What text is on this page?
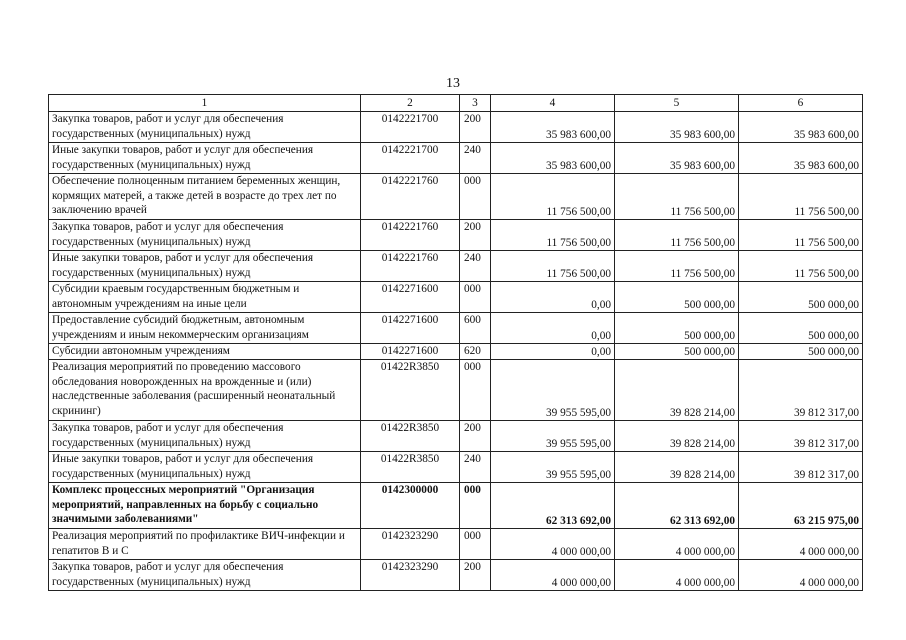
13
1	2	3	4	5	6
Закупка товаров, работ и услуг для обеспечения государственных (муниципальных) нужд	0142221700	200	35 983 600,00	35 983 600,00	35 983 600,00
Иные закупки товаров, работ и услуг для обеспечения государственных (муниципальных) нужд	0142221700	240	35 983 600,00	35 983 600,00	35 983 600,00
Обеспечение полноценным питанием беременных женщин, кормящих матерей, а также детей в возрасте до трех лет по заключению врачей	0142221760	000	11 756 500,00	11 756 500,00	11 756 500,00
Закупка товаров, работ и услуг для обеспечения государственных (муниципальных) нужд	0142221760	200	11 756 500,00	11 756 500,00	11 756 500,00
Иные закупки товаров, работ и услуг для обеспечения государственных (муниципальных) нужд	0142221760	240	11 756 500,00	11 756 500,00	11 756 500,00
Субсидии краевым государственным бюджетным и автономным учреждениям на иные цели	0142271600	000	0,00	500 000,00	500 000,00
Предоставление субсидий бюджетным, автономным учреждениям и иным некоммерческим организациям	0142271600	600	0,00	500 000,00	500 000,00
Субсидии автономным учреждениям	0142271600	620	0,00	500 000,00	500 000,00
Реализация мероприятий по проведению массового обследования новорожденных на врожденные и (или) наследственные заболевания (расширенный неонатальный скрининг)	01422R3850	000	39 955 595,00	39 828 214,00	39 812 317,00
Закупка товаров, работ и услуг для обеспечения государственных (муниципальных) нужд	01422R3850	200	39 955 595,00	39 828 214,00	39 812 317,00
Иные закупки товаров, работ и услуг для обеспечения государственных (муниципальных) нужд	01422R3850	240	39 955 595,00	39 828 214,00	39 812 317,00
Комплекс процессных мероприятий "Организация мероприятий, направленных на борьбу с социально значимыми заболеваниями"	0142300000	000	62 313 692,00	62 313 692,00	63 215 975,00
Реализация мероприятий по профилактике ВИЧ-инфекции и гепатитов В и С	0142323290	000	4 000 000,00	4 000 000,00	4 000 000,00
Закупка товаров, работ и услуг для обеспечения государственных (муниципальных) нужд	0142323290	200	4 000 000,00	4 000 000,00	4 000 000,00
